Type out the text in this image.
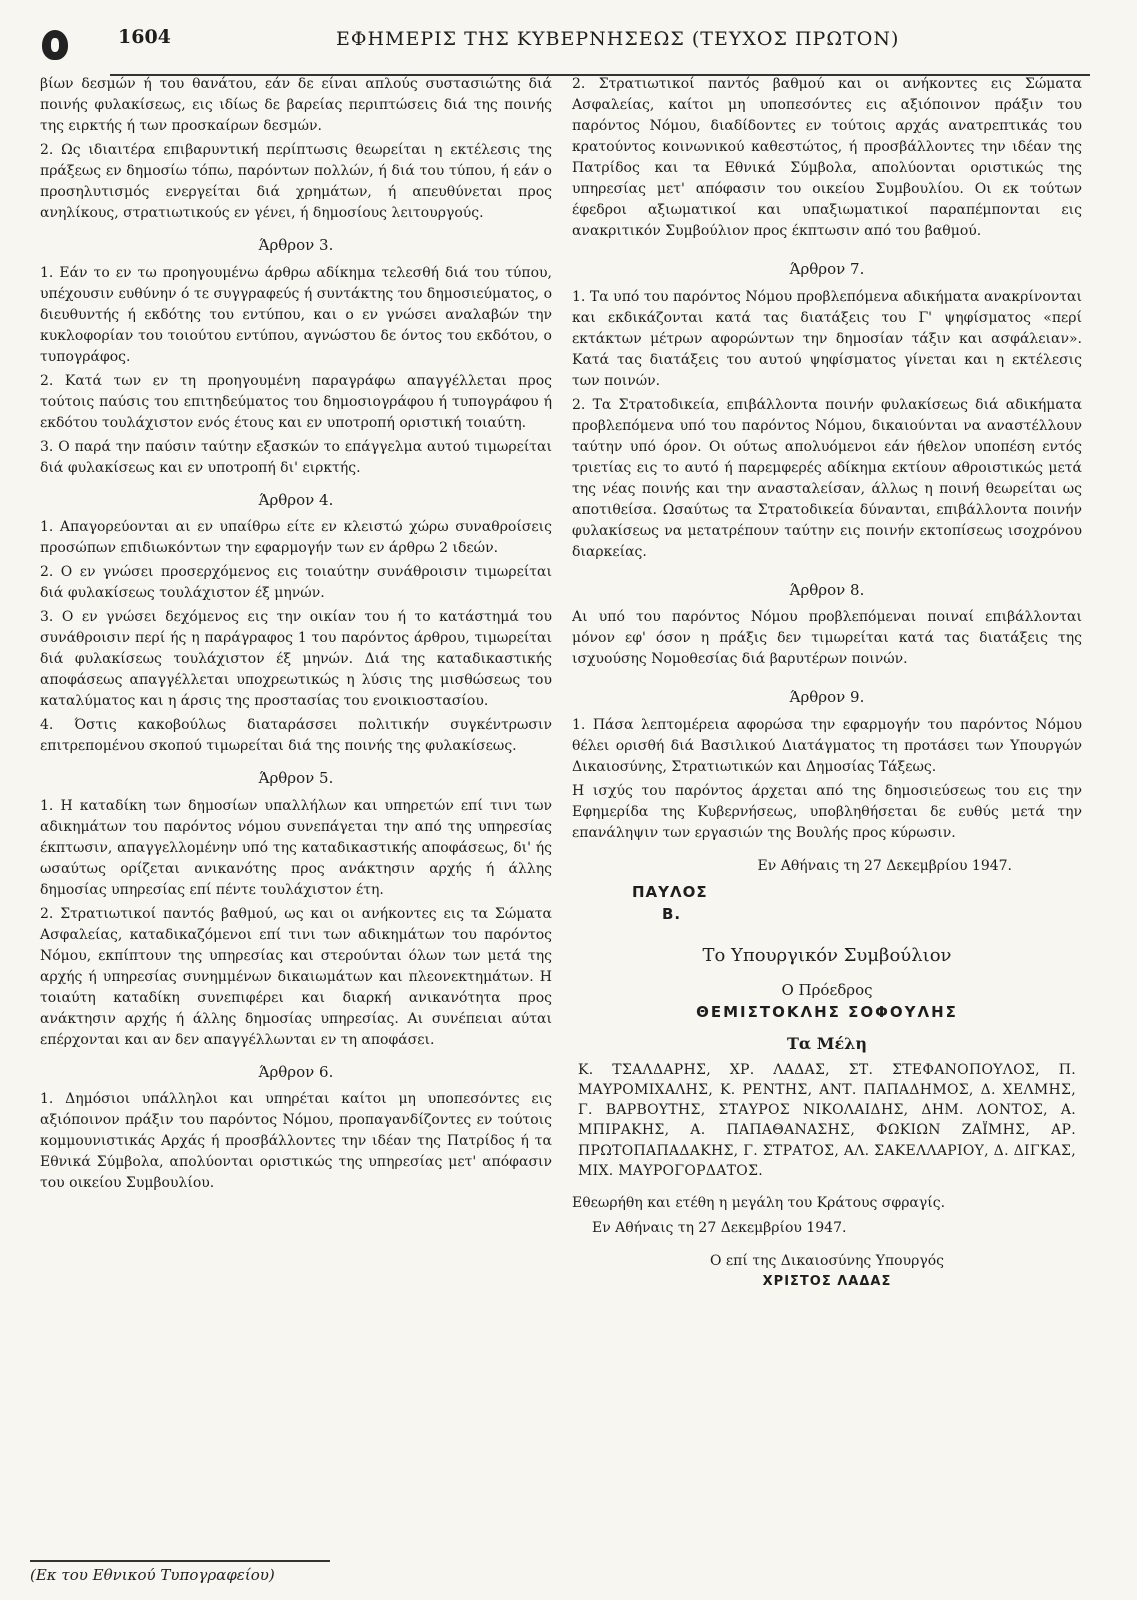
1604	ΕΦΗΜΕΡΙΣ ΤΗΣ ΚΥΒΕΡΝΗΣΕΩΣ (ΤΕΥΧΟΣ ΠΡΩΤΟΝ)

βίων δεσμών ή του θανάτου, εάν δε είναι απλούς συστασιώτης διά ποινής φυλακίσεως, εις ιδίως δε βαρείας περιπτώσεις διά της ποινής της ειρκτής ή των προσκαίρων δεσμών.

2. Ως ιδιαιτέρα επιβαρυντική περίπτωσις θεωρείται η εκτέλεσις της πράξεως εν δημοσίω τόπω, παρόντων πολλών, ή διά του τύπου, ή εάν ο προσηλυτισμός ενεργείται διά χρημάτων, ή απευθύνεται προς ανηλίκους, στρατιωτικούς εν γένει, ή δημοσίους λειτουργούς.

Άρθρον 3.

1. Εάν το εν τω προηγουμένω άρθρω αδίκημα τελεσθή διά του τύπου, υπέχουσιν ευθύνην ό τε συγγραφεύς ή συντάκτης του δημοσιεύματος, ο διευθυντής ή εκδότης του εντύπου, και ο εν γνώσει αναλαβών την κυκλοφορίαν του τοιούτου εντύπου, αγνώστου δε όντος του εκδότου, ο τυπογράφος.

2. Κατά των εν τη προηγουμένη παραγράφω απαγγέλλεται προς τούτοις παύσις του επιτηδεύματος του δημοσιογράφου ή τυπογράφου ή εκδότου τουλάχιστον ενός έτους και εν υποτροπή οριστική τοιαύτη.

3. Ο παρά την παύσιν ταύτην εξασκών το επάγγελμα αυτού τιμωρείται διά φυλακίσεως και εν υποτροπή δι' ειρκτής.

Άρθρον 4.

1. Απαγορεύονται αι εν υπαίθρω είτε εν κλειστώ χώρω συναθροίσεις προσώπων επιδιωκόντων την εφαρμογήν των εν άρθρω 2 ιδεών.

2. Ο εν γνώσει προσερχόμενος εις τοιαύτην συνάθροισιν τιμωρείται διά φυλακίσεως τουλάχιστον έξ μηνών.

3. Ο εν γνώσει δεχόμενος εις την οικίαν του ή το κατάστημά του συνάθροισιν περί ής η παράγραφος 1 του παρόντος άρθρου, τιμωρείται διά φυλακίσεως τουλάχιστον έξ μηνών. Διά της καταδικαστικής αποφάσεως απαγγέλλεται υποχρεωτικώς η λύσις της μισθώσεως του καταλύματος και η άρσις της προστασίας του ενοικιοστασίου.

4. Όστις κακοβούλως διαταράσσει πολιτικήν συγκέντρωσιν επιτρεπομένου σκοπού τιμωρείται διά της ποινής της φυλακίσεως.

Άρθρον 5.

1. Η καταδίκη των δημοσίων υπαλλήλων και υπηρετών επί τινι των αδικημάτων του παρόντος νόμου συνεπάγεται την από της υπηρεσίας έκπτωσιν, απαγγελλομένην υπό της καταδικαστικής αποφάσεως, δι' ής ωσαύτως ορίζεται ανικανότης προς ανάκτησιν αρχής ή άλλης δημοσίας υπηρεσίας επί πέντε τουλάχιστον έτη.

2. Στρατιωτικοί παντός βαθμού, ως και οι ανήκοντες εις τα Σώματα Ασφαλείας, καταδικαζόμενοι επί τινι των αδικημάτων του παρόντος Νόμου, εκπίπτουν της υπηρεσίας και στερούνται όλων των μετά της αρχής ή υπηρεσίας συνημμένων δικαιωμάτων και πλεονεκτημάτων. Η τοιαύτη καταδίκη συνεπιφέρει και διαρκή ανικανότητα προς ανάκτησιν αρχής ή άλλης δημοσίας υπηρεσίας. Αι συνέπειαι αύται επέρχονται και αν δεν απαγγέλλωνται εν τη αποφάσει.

Άρθρον 6.

1. Δημόσιοι υπάλληλοι και υπηρέται καίτοι μη υποπεσόντες εις αξιόποινον πράξιν του παρόντος Νόμου, προπαγανδίζοντες εν τούτοις κομμουνιστικάς Αρχάς ή προσβάλλοντες την ιδέαν της Πατρίδος ή τα Εθνικά Σύμβολα, απολύονται οριστικώς της υπηρεσίας μετ' απόφασιν του οικείου Συμβουλίου.

2. Στρατιωτικοί παντός βαθμού και οι ανήκοντες εις Σώματα Ασφαλείας, καίτοι μη υποπεσόντες εις αξιόποινον πράξιν του παρόντος Νόμου, διαδίδοντες εν τούτοις αρχάς ανατρεπτικάς του κρατούντος κοινωνικού καθεστώτος, ή προσβάλλοντες την ιδέαν της Πατρίδος και τα Εθνικά Σύμβολα, απολύονται οριστικώς της υπηρεσίας μετ' απόφασιν του οικείου Συμβουλίου. Οι εκ τούτων έφεδροι αξιωματικοί και υπαξιωματικοί παραπέμπονται εις ανακριτικόν Συμβούλιον προς έκπτωσιν από του βαθμού.

Άρθρον 7.

1. Τα υπό του παρόντος Νόμου προβλεπόμενα αδικήματα ανακρίνονται και εκδικάζονται κατά τας διατάξεις του Γ' ψηφίσματος «περί εκτάκτων μέτρων αφορώντων την δημοσίαν τάξιν και ασφάλειαν». Κατά τας διατάξεις του αυτού ψηφίσματος γίνεται και η εκτέλεσις των ποινών.

2. Τα Στρατοδικεία, επιβάλλοντα ποινήν φυλακίσεως διά αδικήματα προβλεπόμενα υπό του παρόντος Νόμου, δικαιούνται να αναστέλλουν ταύτην υπό όρον. Οι ούτως απολυόμενοι εάν ήθελον υποπέση εντός τριετίας εις το αυτό ή παρεμφερές αδίκημα εκτίουν αθροιστικώς μετά της νέας ποινής και την ανασταλείσαν, άλλως η ποινή θεωρείται ως αποτιθείσα. Ωσαύτως τα Στρατοδικεία δύνανται, επιβάλλοντα ποινήν φυλακίσεως να μετατρέπουν ταύτην εις ποινήν εκτοπίσεως ισοχρόνου διαρκείας.

Άρθρον 8.

Αι υπό του παρόντος Νόμου προβλεπόμεναι ποιναί επιβάλλονται μόνον εφ' όσον η πράξις δεν τιμωρείται κατά τας διατάξεις της ισχυούσης Νομοθεσίας διά βαρυτέρων ποινών.

Άρθρον 9.

1. Πάσα λεπτομέρεια αφορώσα την εφαρμογήν του παρόντος Νόμου θέλει ορισθή διά Βασιλικού Διατάγματος τη προτάσει των Υπουργών Δικαιοσύνης, Στρατιωτικών και Δημοσίας Τάξεως.

Η ισχύς του παρόντος άρχεται από της δημοσιεύσεως του εις την Εφημερίδα της Κυβερνήσεως, υποβληθήσεται δε ευθύς μετά την επανάληψιν των εργασιών της Βουλής προς κύρωσιν.

Εν Αθήναις τη 27 Δεκεμβρίου 1947.
ΠΑΥΛΟΣ
Β.
Το Υπουργικόν Συμβούλιον
Ο Πρόεδρος
ΘΕΜΙΣΤΟΚΛΗΣ ΣΟΦΟΥΛΗΣ
Τα Μέλη
Κ. ΤΣΑΛΔΑΡΗΣ, ΧΡ. ΛΑΔΑΣ, ΣΤ. ΣΤΕΦΑΝΟΠΟΥΛΟΣ, Π. ΜΑΥΡΟΜΙΧΑΛΗΣ, Κ. ΡΕΝΤΗΣ, ΑΝΤ. ΠΑΠΑΔΗΜΟΣ, Δ. ΧΕΛΜΗΣ, Γ. ΒΑΡΒΟΥΤΗΣ, ΣΤΑΥΡΟΣ ΝΙΚΟΛΑΙΔΗΣ, ΔΗΜ. ΛΟΝΤΟΣ, Α. ΜΠΙΡΑΚΗΣ, Α. ΠΑΠΑΘΑΝΑΣΗΣ, ΦΩΚΙΩΝ ΖΑΪΜΗΣ, ΑΡ. ΠΡΩΤΟΠΑΠΑΔΑΚΗΣ, Γ. ΣΤΡΑΤΟΣ, ΑΛ. ΣΑΚΕΛΛΑΡΙΟΥ, Δ. ΔΙΓΚΑΣ, ΜΙΧ. ΜΑΥΡΟΓΟΡΔΑΤΟΣ.
Εθεωρήθη και ετέθη η μεγάλη του Κράτους σφραγίς.
Εν Αθήναις τη 27 Δεκεμβρίου 1947.
Ο επί της Δικαιοσύνης Υπουργός
ΧΡΙΣΤΟΣ ΛΑΔΑΣ
(Εκ του Εθνικού Τυπογραφείου)
